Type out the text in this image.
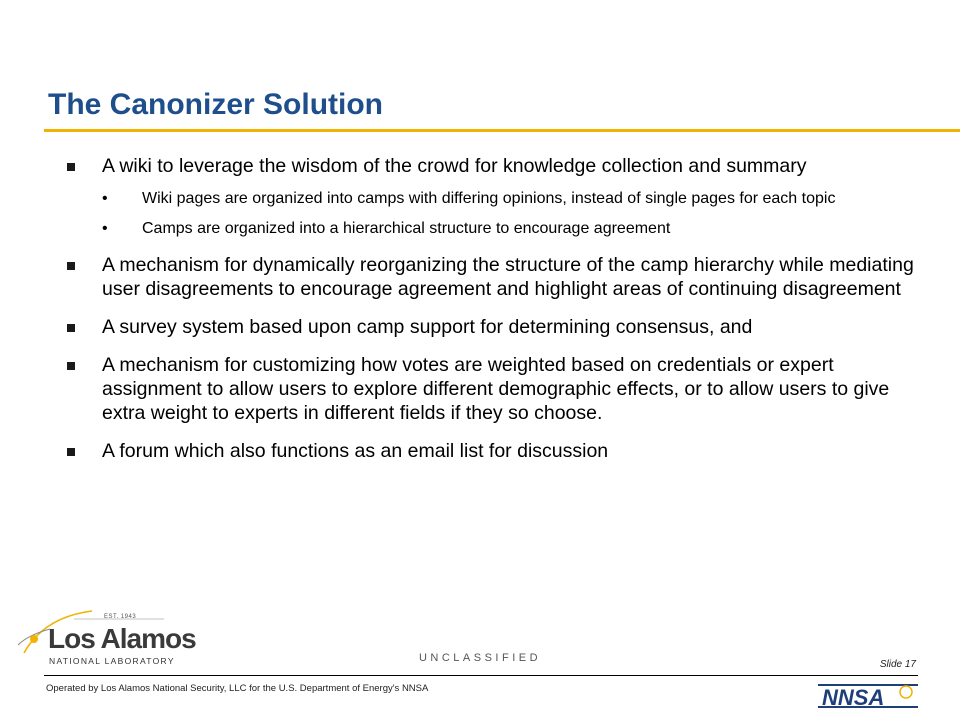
The Canonizer Solution
A wiki to leverage the wisdom of the crowd for knowledge collection and summary
• Wiki pages are organized into camps with differing opinions, instead of single pages for each topic
• Camps are organized into a hierarchical structure to encourage agreement
A mechanism for dynamically reorganizing the structure of the camp hierarchy while mediating user disagreements to encourage agreement and highlight areas of continuing disagreement
A survey system based upon camp support for determining consensus, and
A mechanism for customizing how votes are weighted based on credentials or expert assignment to allow users to explore different demographic effects, or to allow users to give extra weight to experts in different fields if they so choose.
A forum which also functions as an email list for discussion
EST. 1943
Los Alamos
NATIONAL LABORATORY	UNCLASSIFIED
Slide 17
Operated by Los Alamos National Security, LLC for the U.S. Department of Energy's NNSA	NNSA
